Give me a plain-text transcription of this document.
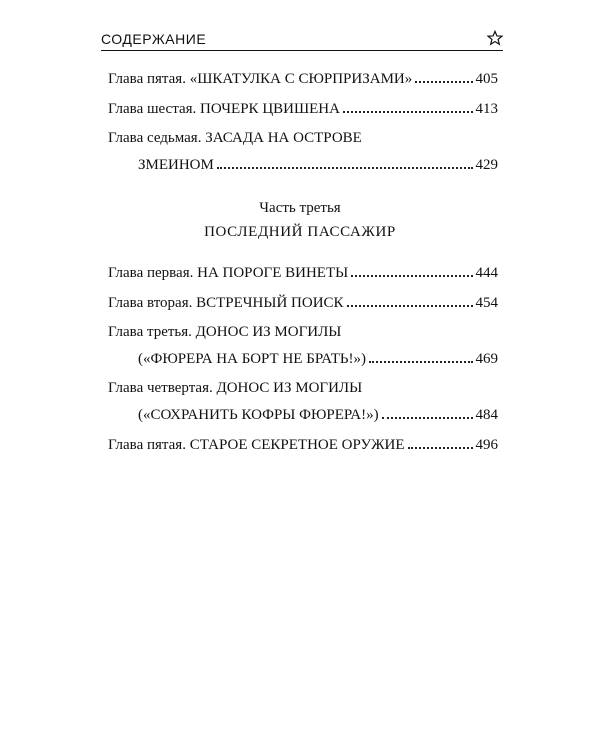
СОДЕРЖАНИЕ
Глава пятая. «ШКАТУЛКА С СЮРПРИЗАМИ»	405
Глава шестая. ПОЧЕРК ЦВИШЕНА	413
Глава седьмая. ЗАСАДА НА ОСТРОВЕ
ЗМЕИНОМ	429
Часть третья
ПОСЛЕДНИЙ ПАССАЖИР
Глава первая. НА ПОРОГЕ ВИНЕТЫ	444
Глава вторая. ВСТРЕЧНЫЙ ПОИСК	454
Глава третья. ДОНОС ИЗ МОГИЛЫ
(«ФЮРЕРА НА БОРТ НЕ БРАТЬ!»)	469
Глава четвертая. ДОНОС ИЗ МОГИЛЫ
(«СОХРАНИТЬ КОФРЫ ФЮРЕРА!»)	484
Глава пятая. СТАРОЕ СЕКРЕТНОЕ ОРУЖИЕ	496
